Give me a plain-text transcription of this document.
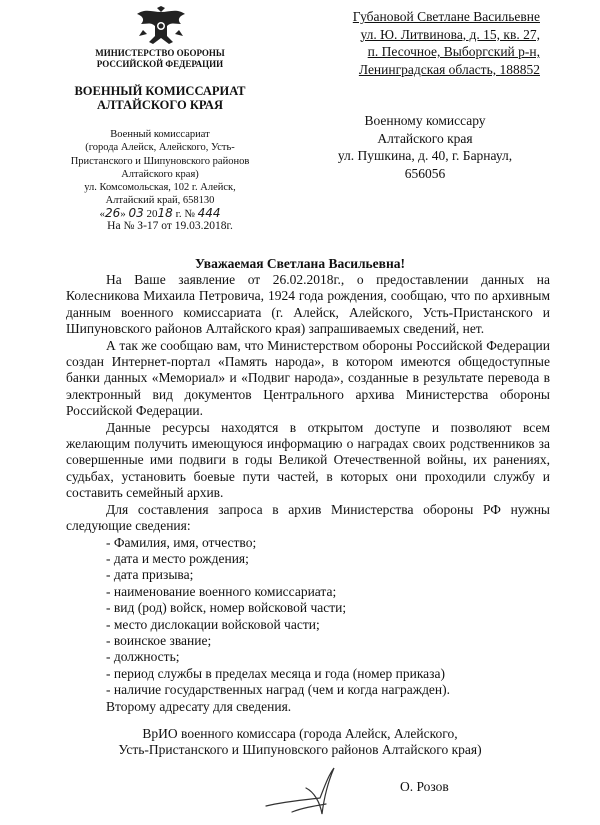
МИНИСТЕРСТВО ОБОРОНЫ
РОССИЙСКОЙ ФЕДЕРАЦИИ
ВОЕННЫЙ КОМИССАРИАТ
АЛТАЙСКОГО КРАЯ
Военный комиссариат
(города Алейск, Алейского, Усть-
Пристанского и Шипуновского районов
Алтайского края)
ул. Комсомольская, 102 г. Алейск,
Алтайский край, 658130
«26» 03 2018 г. № 444
На № З-17 от 19.03.2018г.
Губановой Светлане Васильевне
ул. Ю. Литвинова, д. 15, кв. 27,
п. Песочное, Выборгский р-н,
Ленинградская область, 188852
Военному комиссару
Алтайского края
ул. Пушкина, д. 40, г. Барнаул,
656056
Уважаемая Светлана Васильевна!

На Ваше заявление от 26.02.2018г., о предоставлении данных на Колесникова Михаила Петровича, 1924 года рождения, сообщаю, что по архивным данным военного комиссариата (г. Алейск, Алейского, Усть-Пристанского и Шипуновского районов Алтайского края) запрашиваемых сведений, нет.

А так же сообщаю вам, что Министерством обороны Российской Федерации создан Интернет-портал «Память народа», в котором имеются общедоступные банки данных «Мемориал» и «Подвиг народа», созданные в результате перевода в электронный вид документов Центрального архива Министерства обороны Российской Федерации.

Данные ресурсы находятся в открытом доступе и позволяют всем желающим получить имеющуюся информацию о наградах своих родственников за совершенные ими подвиги в годы Великой Отечественной войны, их ранениях, судьбах, установить боевые пути частей, в которых они проходили службу и составить семейный архив.

Для составления запроса в архив Министерства обороны РФ нужны следующие сведения:

- Фамилия, имя, отчество;

- дата и место рождения;

- дата призыва;

- наименование военного комиссариата;

- вид (род) войск, номер войсковой части;

- место дислокации войсковой части;

- воинское звание;

- должность;

- период службы в пределах месяца и года (номер приказа)

- наличие государственных наград (чем и когда награжден).

Второму адресату для сведения.

ВрИО военного комиссара (города Алейск, Алейского,
Усть-Пристанского и Шипуновского районов Алтайского края)
О. Розов
